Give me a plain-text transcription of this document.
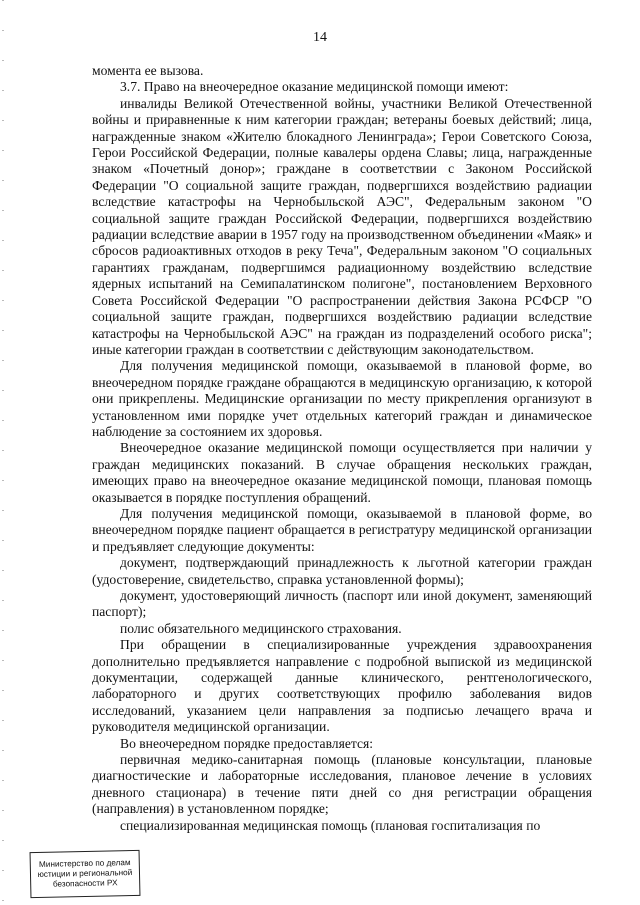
14

момента ее вызова.

3.7. Право на внеочередное оказание медицинской помощи имеют:

инвалиды Великой Отечественной войны, участники Великой Отечественной войны и приравненные к ним категории граждан; ветераны боевых действий; лица, награжденные знаком «Жителю блокадного Ленинграда»; Герои Советского Союза, Герои Российской Федерации, полные кавалеры ордена Славы; лица, награжденные знаком «Почетный донор»; граждане в соответствии с Законом Российской Федерации "О социальной защите граждан, подвергшихся воздействию радиации вследствие катастрофы на Чернобыльской АЭС", Федеральным законом "О социальной защите граждан Российской Федерации, подвергшихся воздействию радиации вследствие аварии в 1957 году на производственном объединении «Маяк» и сбросов радиоактивных отходов в реку Теча", Федеральным законом "О социальных гарантиях гражданам, подвергшимся радиационному воздействию вследствие ядерных испытаний на Семипалатинском полигоне", постановлением Верховного Совета Российской Федерации "О распространении действия Закона РСФСР "О социальной защите граждан, подвергшихся воздействию радиации вследствие катастрофы на Чернобыльской АЭС" на граждан из подразделений особого риска"; иные категории граждан в соответствии с действующим законодательством.

Для получения медицинской помощи, оказываемой в плановой форме, во внеочередном порядке граждане обращаются в медицинскую организацию, к которой они прикреплены. Медицинские организации по месту прикрепления организуют в установленном ими порядке учет отдельных категорий граждан и динамическое наблюдение за состоянием их здоровья.

Внеочередное оказание медицинской помощи осуществляется при наличии у граждан медицинских показаний. В случае обращения нескольких граждан, имеющих право на внеочередное оказание медицинской помощи, плановая помощь оказывается в порядке поступления обращений.

Для получения медицинской помощи, оказываемой в плановой форме, во внеочередном порядке пациент обращается в регистратуру медицинской организации и предъявляет следующие документы:

документ, подтверждающий принадлежность к льготной категории граждан (удостоверение, свидетельство, справка установленной формы);

документ, удостоверяющий личность (паспорт или иной документ, заменяющий паспорт);

полис обязательного медицинского страхования.

При обращении в специализированные учреждения здравоохранения дополнительно предъявляется направление с подробной выпиской из медицинской документации, содержащей данные клинического, рентгенологического, лабораторного и других соответствующих профилю заболевания видов исследований, указанием цели направления за подписью лечащего врача и руководителя медицинской организации.

Во внеочередном порядке предоставляется:

первичная медико-санитарная помощь (плановые консультации, плановые диагностические и лабораторные исследования, плановое лечение в условиях дневного стационара) в течение пяти дней со дня регистрации обращения (направления) в установленном порядке;

специализированная медицинская помощь (плановая госпитализация по

Министерство по делам
юстиции и региональной
безопасности РХ
